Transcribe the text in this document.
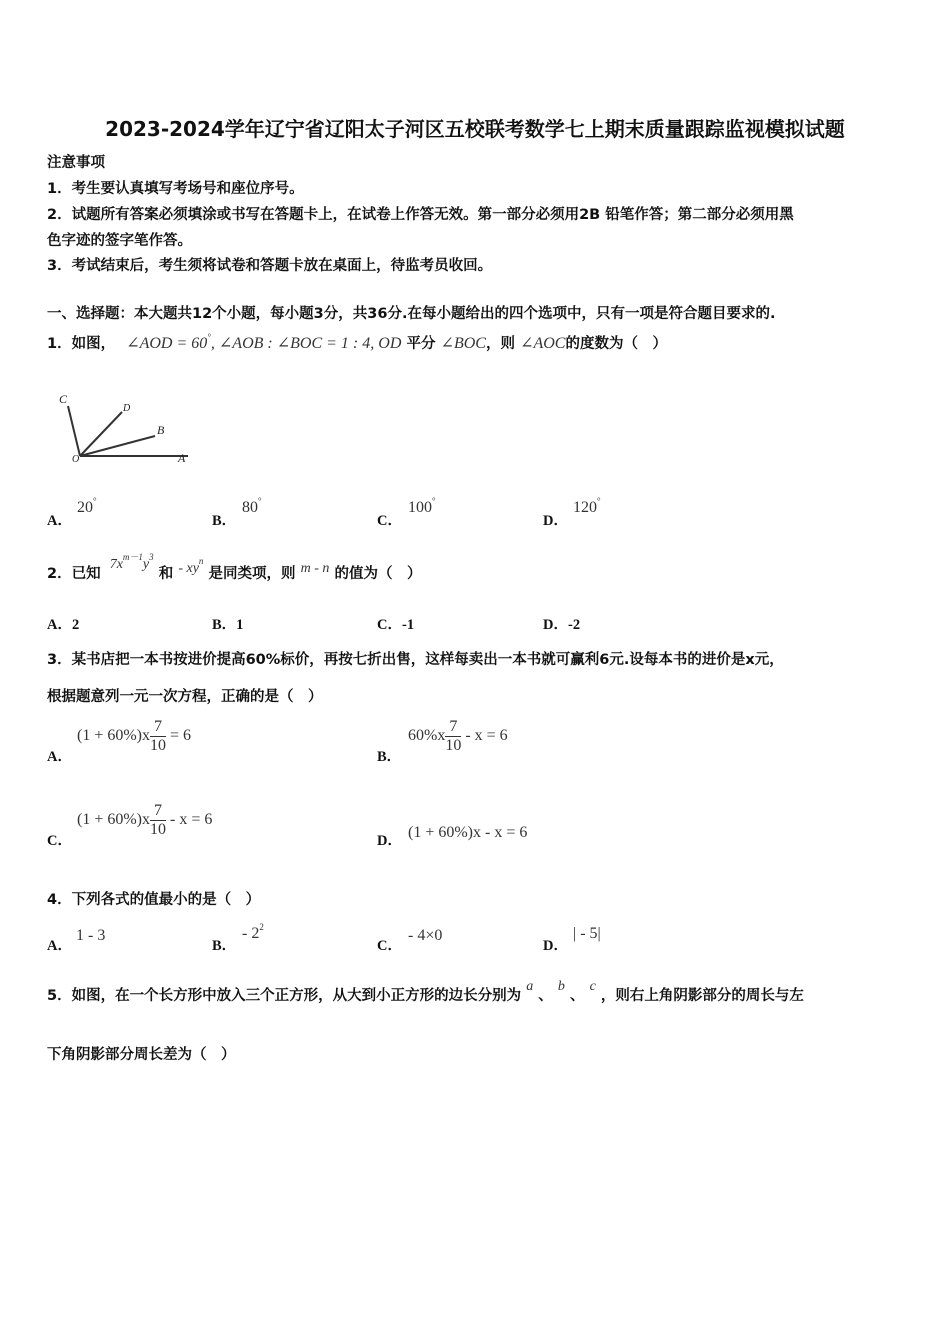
2023-2024学年辽宁省辽阳太子河区五校联考数学七上期末质量跟踪监视模拟试题
注意事项
1．考生要认真填写考场号和座位序号。
2．试题所有答案必须填涂或书写在答题卡上，在试卷上作答无效。第一部分必须用2B 铅笔作答；第二部分必须用黑
色字迹的签字笔作答。
3．考试结束后，考生须将试卷和答题卡放在桌面上，待监考员收回。
一、选择题：本大题共12个小题，每小题3分，共36分.在每小题给出的四个选项中，只有一项是符合题目要求的.
1．如图， ∠AOD = 60°, ∠AOB : ∠BOC = 1 : 4, OD 平分 ∠BOC，则 ∠AOC的度数为（　）
C
D
B
O	A
A．
20°
B．
80°
C．
100°
D．
120°
2．已知 $7x^{m-1}y^3$ 和 - $xy^n$ 是同类项，则 m - n 的值为（　）
A．2	B．1	C．-1	D．-2
3．某书店把一本书按进价提高60%标价，再按七折出售，这样每卖出一本书就可赢利6元.设每本书的进价是x元，
根据题意列一元一次方程，正确的是（　）
A．
$(1 + 60\%)x \frac{7}{10} = 6$
B．
$60\%x \frac{7}{10} - x = 6$
C．
$(1 + 60\%)x \frac{7}{10} - x = 6$
D． (1 + 60%)x - x = 6
4．下列各式的值最小的是（　）
A．
1 - 3
B．
- $2^2$
C．
- 4×0
D．
| - 5|
5．如图，在一个长方形中放入三个正方形，从大到小正方形的边长分别为 a 、 b 、 c ，则右上角阴影部分的周长与左
下角阴影部分周长差为（　）
